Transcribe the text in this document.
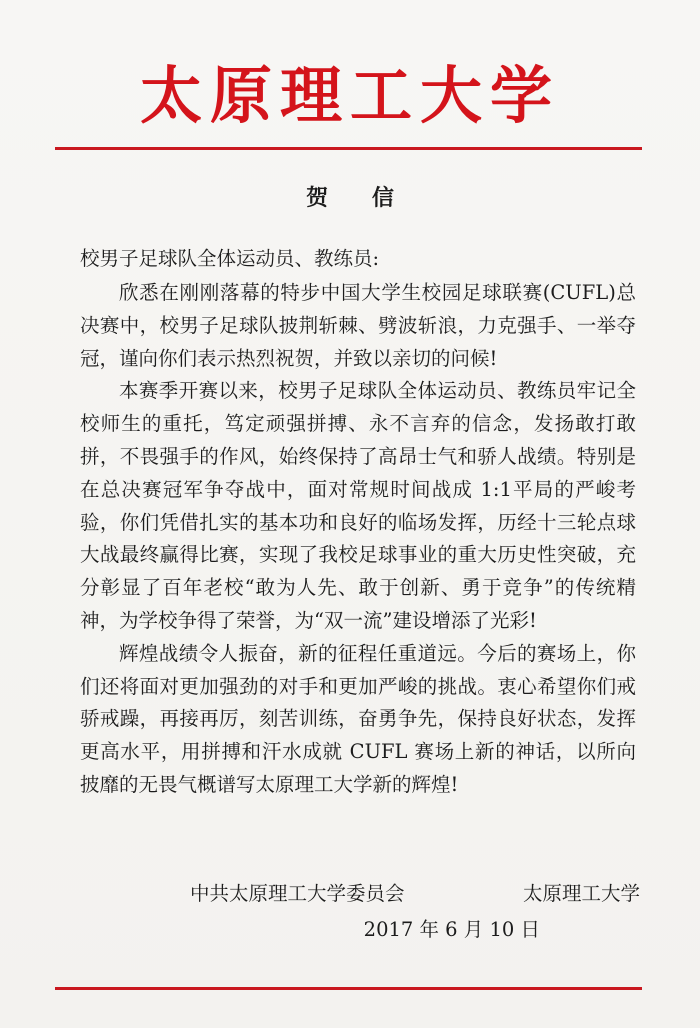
太原理工大学
贺 信
校男子足球队全体运动员、教练员:

欣悉在刚刚落幕的特步中国大学生校园足球联赛(CUFL)总决赛中，校男子足球队披荆斩棘、劈波斩浪，力克强手、一举夺冠，谨向你们表示热烈祝贺，并致以亲切的问候!

本赛季开赛以来，校男子足球队全体运动员、教练员牢记全校师生的重托，笃定顽强拼搏、永不言弃的信念，发扬敢打敢拼，不畏强手的作风，始终保持了高昂士气和骄人战绩。特别是在总决赛冠军争夺战中，面对常规时间战成 1:1平局的严峻考验，你们凭借扎实的基本功和良好的临场发挥，历经十三轮点球大战最终赢得比赛，实现了我校足球事业的重大历史性突破，充分彰显了百年老校“敢为人先、敢于创新、勇于竞争”的传统精神，为学校争得了荣誉，为“双一流”建设增添了光彩!

辉煌战绩令人振奋，新的征程任重道远。今后的赛场上，你们还将面对更加强劲的对手和更加严峻的挑战。衷心希望你们戒骄戒躁，再接再厉，刻苦训练，奋勇争先，保持良好状态，发挥更高水平，用拼搏和汗水成就 CUFL 赛场上新的神话，以所向披靡的无畏气概谱写太原理工大学新的辉煌!

中共太原理工大学委员会	太原理工大学
2017 年 6 月 10 日
